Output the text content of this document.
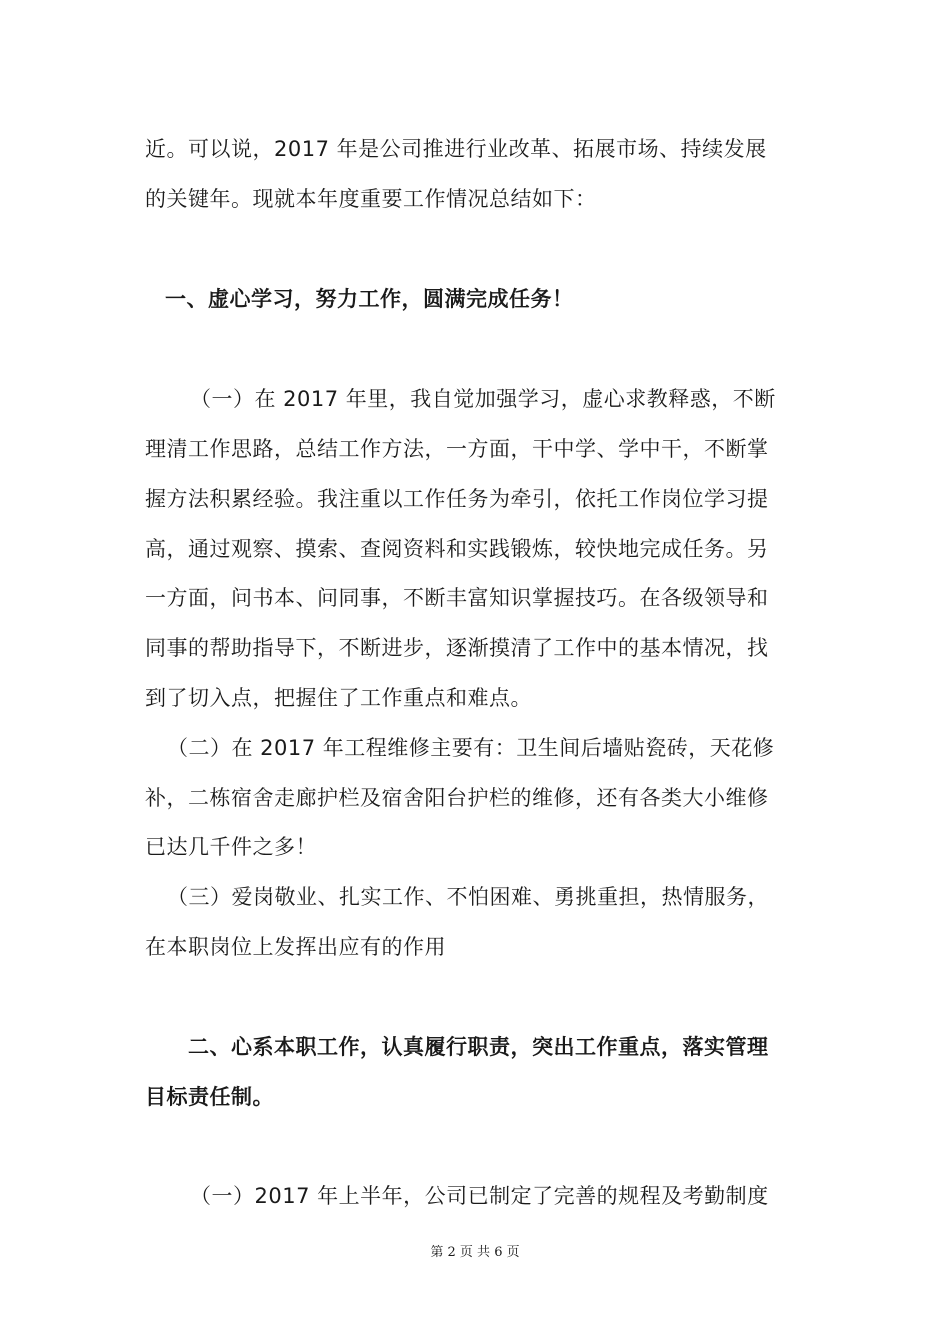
近。可以说，2017 年是公司推进行业改革、拓展市场、持续发展

的关键年。现就本年度重要工作情况总结如下：

一、虚心学习，努力工作，圆满完成任务！

（一）在 2017 年里，我自觉加强学习，虚心求教释惑，不断

理清工作思路，总结工作方法，一方面，干中学、学中干，不断掌

握方法积累经验。我注重以工作任务为牵引，依托工作岗位学习提

高，通过观察、摸索、查阅资料和实践锻炼，较快地完成任务。另

一方面，问书本、问同事，不断丰富知识掌握技巧。在各级领导和

同事的帮助指导下，不断进步，逐渐摸清了工作中的基本情况，找

到了切入点，把握住了工作重点和难点。

（二）在 2017 年工程维修主要有：卫生间后墙贴瓷砖，天花修

补，二栋宿舍走廊护栏及宿舍阳台护栏的维修，还有各类大小维修

已达几千件之多！

（三）爱岗敬业、扎实工作、不怕困难、勇挑重担，热情服务，

在本职岗位上发挥出应有的作用

二、心系本职工作，认真履行职责，突出工作重点，落实管理
目标责任制。

（一）2017 年上半年，公司已制定了完善的规程及考勤制度

第 2 页 共 6 页
